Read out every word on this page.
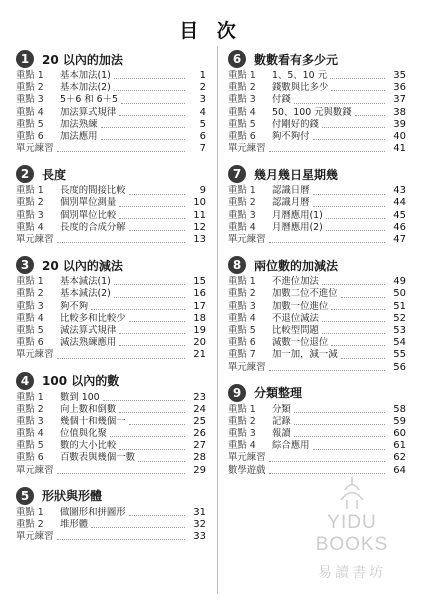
目 次
1	20 以內的加法
重點 1	基本加法(1)	1
重點 2	基本加法(2)	2
重點 3	5＋6 和 6＋5	3
重點 4	加法算式規律	4
重點 5	加法熟練	5
重點 6	加法應用	6
單元練習	7
2	長度
重點 1	長度的間接比較	9
重點 2	個別單位測量	10
重點 3	個別單位比較	11
重點 4	長度的合成分解	12
單元練習	13
3	20 以內的減法
重點 1	基本減法(1)	15
重點 2	基本減法(2)	16
重點 3	夠不夠	17
重點 4	比較多和比較少	18
重點 5	減法算式規律	19
重點 6	減法熟練應用	20
單元練習	21
4	100 以內的數
重點 1	數到 100	23
重點 2	向上數和倒數	24
重點 3	幾個十和幾個一	25
重點 4	位值與化聚	26
重點 5	數的大小比較	27
重點 6	百數表與幾個一數	28
單元練習	29
5	形狀與形體
重點 1	做圖形和拼圖形	31
重點 2	堆形體	32
單元練習	33
6	數數看有多少元
重點 1	1、5、10 元	35
重點 2	錢數與比多少	36
重點 3	付錢	37
重點 4	50、100 元與數錢	38
重點 5	付剛好的錢	39
重點 6	夠不夠付	40
單元練習	41
7	幾月幾日星期幾
重點 1	認識日曆	43
重點 2	認識月曆	44
重點 3	月曆應用(1)	45
重點 4	月曆應用(2)	46
單元練習	47
8	兩位數的加減法
重點 1	不進位加法	49
重點 2	加數二位不進位	50
重點 3	加數一位進位	51
重點 4	不退位減法	52
重點 5	比較型問題	53
重點 6	減數一位退位	54
重點 7	加一加，減一減	55
單元練習	56
9	分類整理
重點 1	分類	58
重點 2	記錄	59
重點 3	報讀	60
重點 4	綜合應用	61
單元練習	62
數學遊戲	64
YIDU
BOOKS
易讀書坊
